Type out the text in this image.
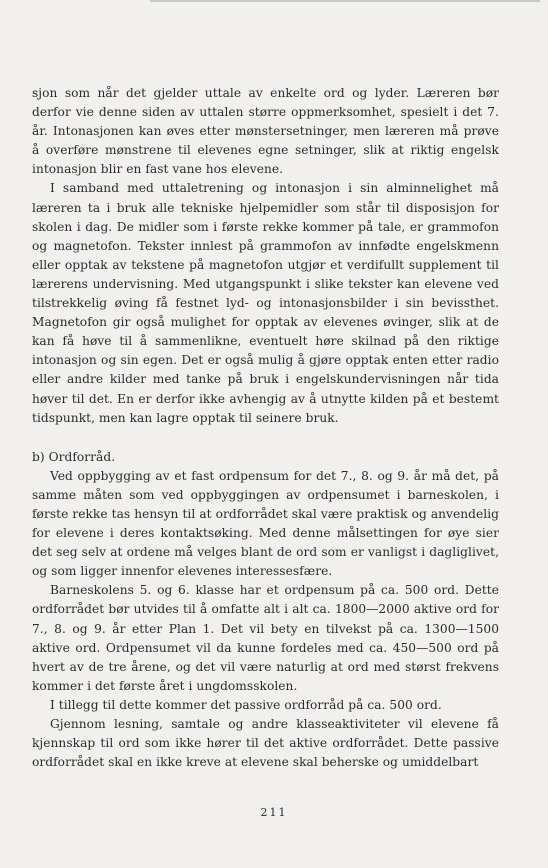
sjon som når det gjelder uttale av enkelte ord og lyder. Læreren bør derfor vie denne siden av uttalen større oppmerksomhet, spesielt i det 7. år. Intonasjonen kan øves etter mønstersetninger, men læreren må prøve å overføre mønstrene til elevenes egne setninger, slik at riktig engelsk intonasjon blir en fast vane hos elevene.

I samband med uttaletrening og intonasjon i sin alminnelighet må læreren ta i bruk alle tekniske hjelpemidler som står til disposisjon for skolen i dag. De midler som i første rekke kommer på tale, er grammofon og magnetofon. Tekster innlest på grammofon av innfødte engelskmenn eller opptak av tekstene på magnetofon utgjør et verdifullt supplement til lærerens undervisning. Med utgangspunkt i slike tekster kan elevene ved tilstrekkelig øving få festnet lyd- og intonasjonsbilder i sin bevissthet. Magnetofon gir også mulighet for opptak av elevenes øvinger, slik at de kan få høve til å sammenlikne, eventuelt høre skilnad på den riktige intonasjon og sin egen. Det er også mulig å gjøre opptak enten etter radio eller andre kilder med tanke på bruk i engelskundervisningen når tida høver til det. En er derfor ikke avhengig av å utnytte kilden på et bestemt tidspunkt, men kan lagre opptak til seinere bruk.

b) Ordforråd.

Ved oppbygging av et fast ordpensum for det 7., 8. og 9. år må det, på samme måten som ved oppbyggingen av ordpensumet i barneskolen, i første rekke tas hensyn til at ordforrådet skal være praktisk og anvendelig for elevene i deres kontaktsøking. Med denne målsettingen for øye sier det seg selv at ordene må velges blant de ord som er vanligst i dagliglivet, og som ligger innenfor elevenes interessesfære.

Barneskolens 5. og 6. klasse har et ordpensum på ca. 500 ord. Dette ordforrådet bør utvides til å omfatte alt i alt ca. 1800—2000 aktive ord for 7., 8. og 9. år etter Plan 1. Det vil bety en tilvekst på ca. 1300—1500 aktive ord. Ordpensumet vil da kunne fordeles med ca. 450—500 ord på hvert av de tre årene, og det vil være naturlig at ord med størst frekvens kommer i det første året i ungdomsskolen.

I tillegg til dette kommer det passive ordforråd på ca. 500 ord.

Gjennom lesning, samtale og andre klasseaktiviteter vil elevene få kjennskap til ord som ikke hører til det aktive ordforrådet. Dette passive ordforrådet skal en ikke kreve at elevene skal beherske og umiddelbart

211
